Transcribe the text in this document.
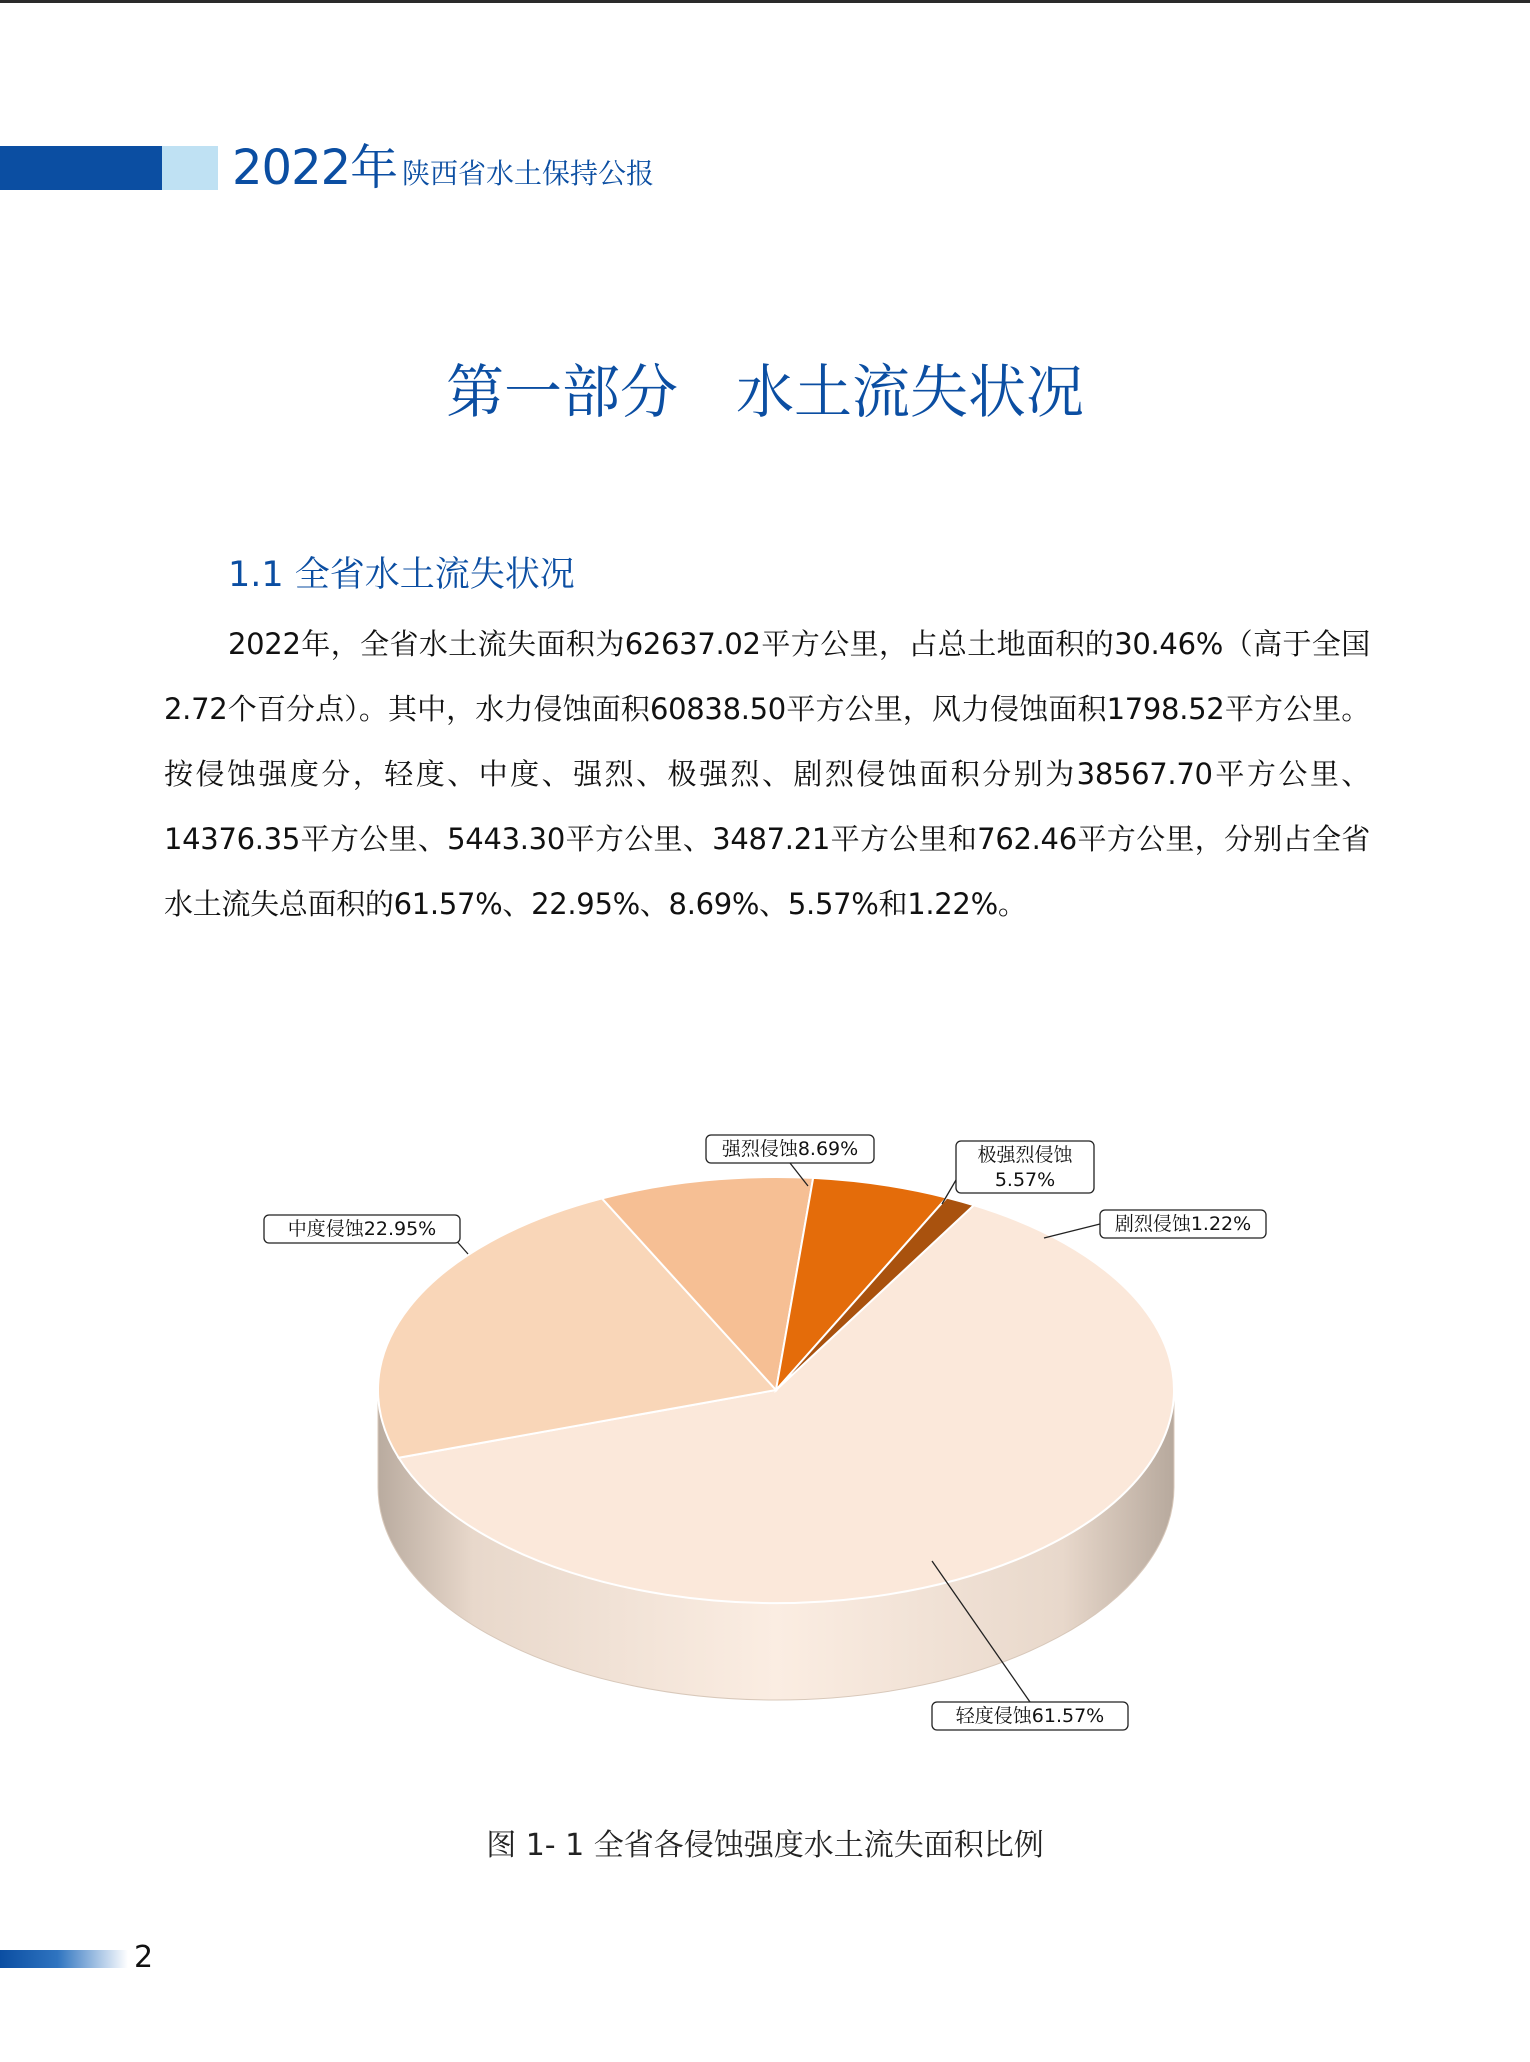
2022年 陕西省水土保持公报
第一部分　水土流失状况
1.1 全省水土流失状况

2022年，全省水土流失面积为62637.02平方公里，占总土地面积的30.46%（高于全国2.72个百分点）。其中，水力侵蚀面积60838.50平方公里，风力侵蚀面积1798.52平方公里。按侵蚀强度分，轻度、中度、强烈、极强烈、剧烈侵蚀面积分别为38567.70平方公里、14376.35平方公里、5443.30平方公里、3487.21平方公里和762.46平方公里，分别占全省水土流失总面积的61.57%、22.95%、8.69%、5.57%和1.22%。

轻度侵蚀61.57%
中度侵蚀22.95%
强烈侵蚀8.69%	极强烈侵蚀
5.57%
剧烈侵蚀1.22%
图 1- 1 全省各侵蚀强度水土流失面积比例
2
